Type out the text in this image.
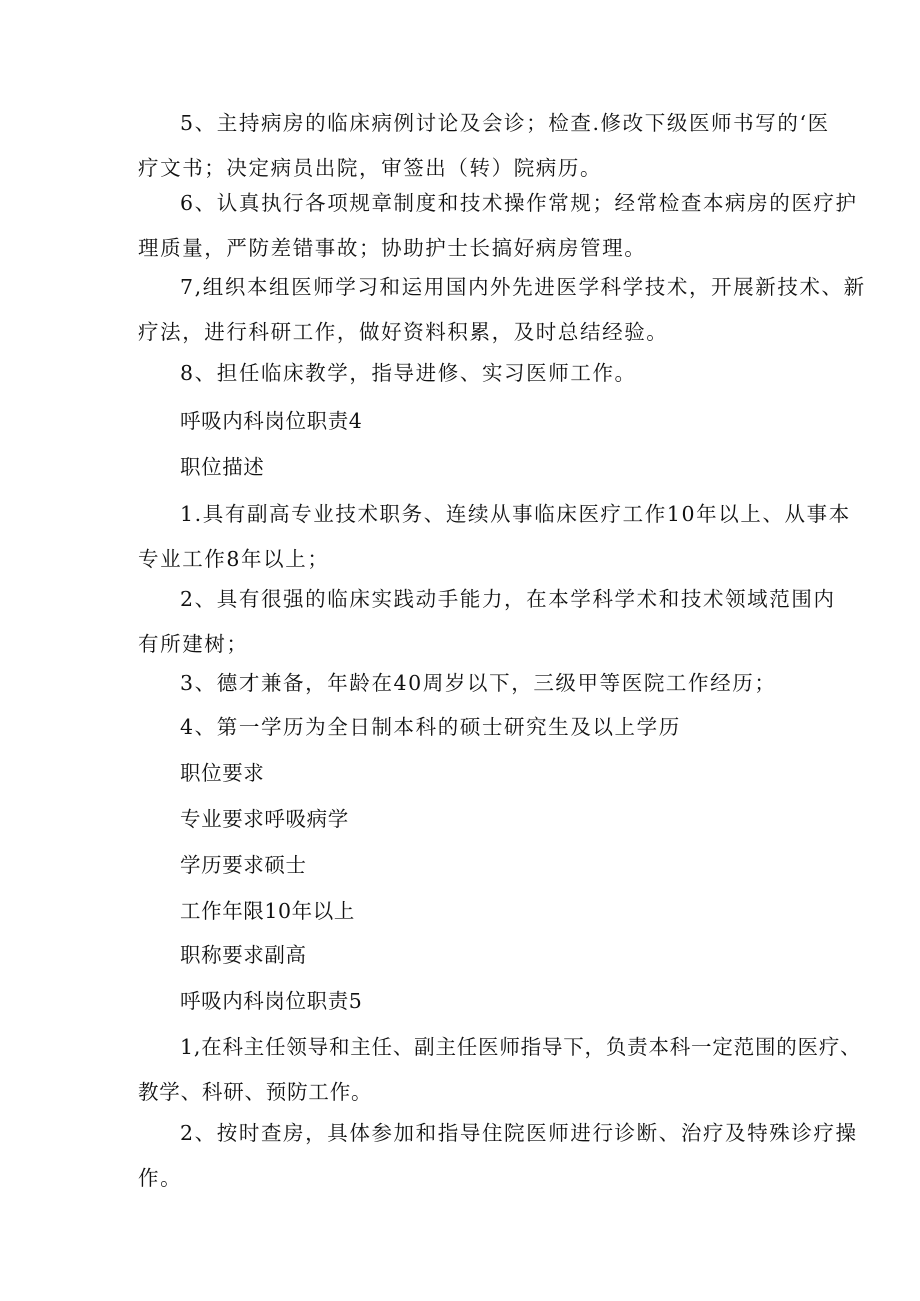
5、主持病房的临床病例讨论及会诊；检查.修改下级医师书写的‘医
疗文书；决定病员出院，审签出（转）院病历。

6、认真执行各项规章制度和技术操作常规；经常检查本病房的医疗护
理质量，严防差错事故；协助护士长搞好病房管理。

7,组织本组医师学习和运用国内外先进医学科学技术，开展新技术、新
疗法，进行科研工作，做好资料积累，及时总结经验。

8、担任临床教学，指导进修、实习医师工作。

呼吸内科岗位职责4

职位描述

1.具有副高专业技术职务、连续从事临床医疗工作10年以上、从事本
专业工作8年以上；

2、具有很强的临床实践动手能力，在本学科学术和技术领域范围内
有所建树；

3、德才兼备，年龄在40周岁以下，三级甲等医院工作经历；

4、第一学历为全日制本科的硕士研究生及以上学历

职位要求

专业要求呼吸病学

学历要求硕士

工作年限10年以上

职称要求副高

呼吸内科岗位职责5

1,在科主任领导和主任、副主任医师指导下，负责本科一定范围的医疗、
教学、科研、预防工作。

2、按时查房，具体参加和指导住院医师进行诊断、治疗及特殊诊疗操
作。
